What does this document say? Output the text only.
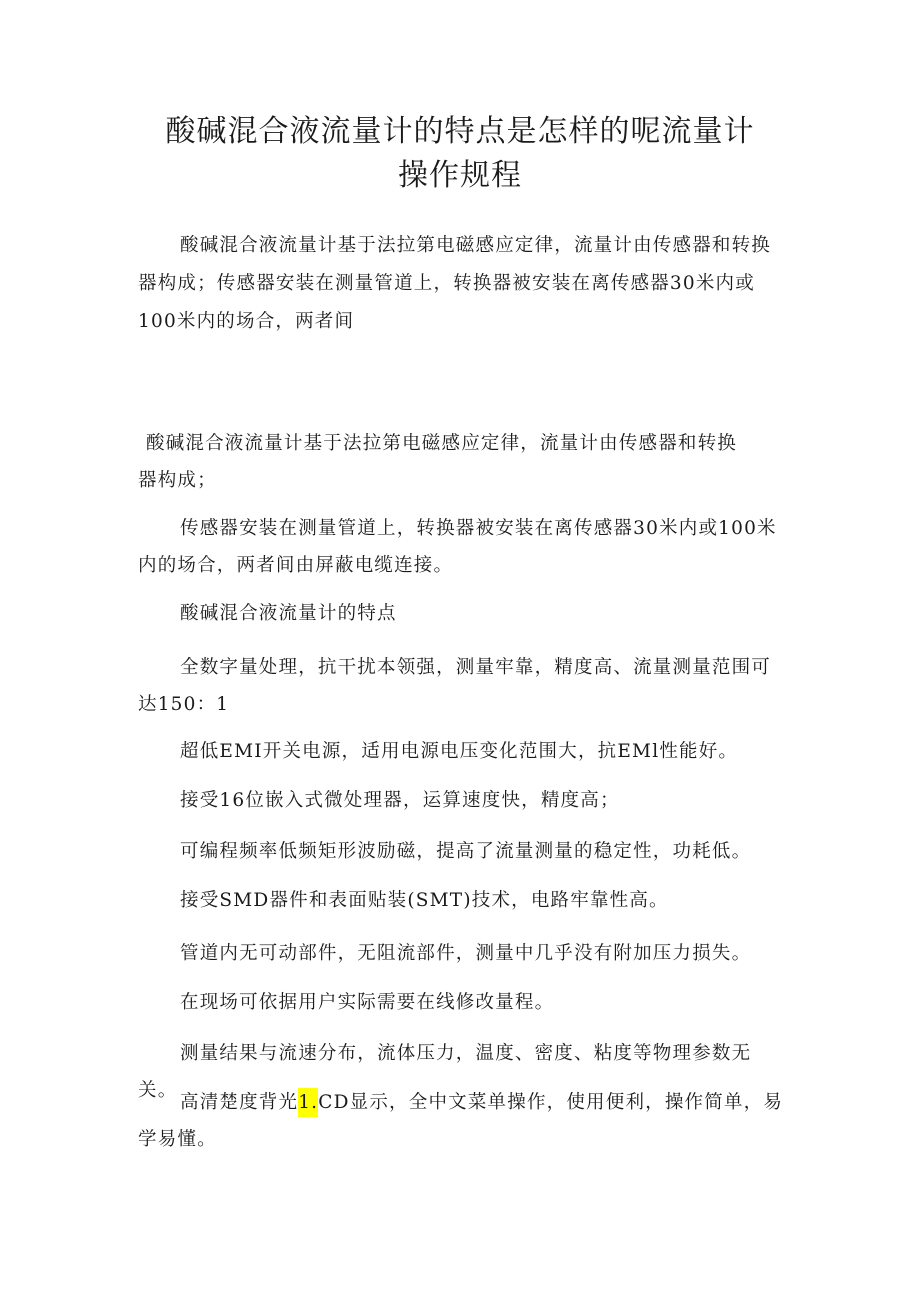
酸碱混合液流量计的特点是怎样的呢流量计
操作规程

酸碱混合液流量计基于法拉第电磁感应定律，流量计由传感器和转换器构成；传感器安装在测量管道上，转换器被安装在离传感器30米内或100米内的场合，两者间

酸碱混合液流量计基于法拉第电磁感应定律，流量计由传感器和转换器构成；

传感器安装在测量管道上，转换器被安装在离传感器30米内或100米内的场合，两者间由屏蔽电缆连接。

酸碱混合液流量计的特点

全数字量处理，抗干扰本领强，测量牢靠，精度高、流量测量范围可达150：1

超低EMI开关电源，适用电源电压变化范围大，抗EMl性能好。

接受16位嵌入式微处理器，运算速度快，精度高；

可编程频率低频矩形波励磁，提高了流量测量的稳定性，功耗低。

接受SMD器件和表面贴装(SMT)技术，电路牢靠性高。

管道内无可动部件，无阻流部件，测量中几乎没有附加压力损失。

在现场可依据用户实际需要在线修改量程。

测量结果与流速分布，流体压力，温度、密度、粘度等物理参数无关。

高清楚度背光1.CD显示，全中文菜单操作，使用便利，操作简单，易学易懂。
